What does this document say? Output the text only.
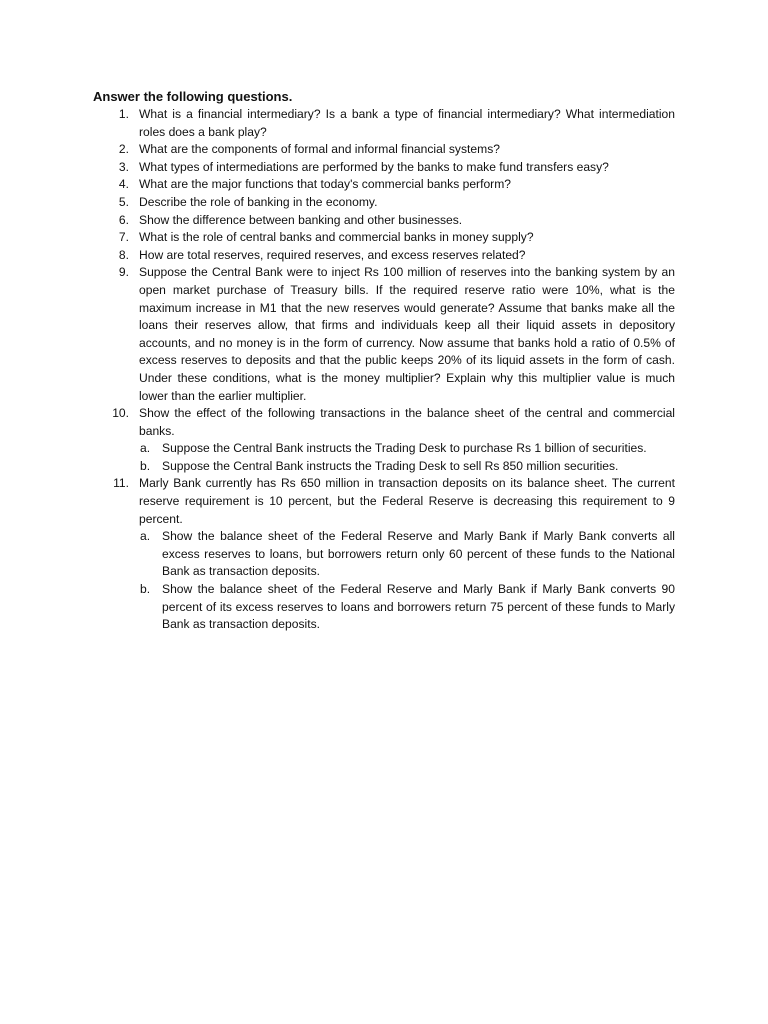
Answer the following questions.

1. What is a financial intermediary? Is a bank a type of financial intermediary? What intermediation roles does a bank play?
2. What are the components of formal and informal financial systems?
3. What types of intermediations are performed by the banks to make fund transfers easy?
4. What are the major functions that today's commercial banks perform?
5. Describe the role of banking in the economy.
6. Show the difference between banking and other businesses.
7. What is the role of central banks and commercial banks in money supply?
8. How are total reserves, required reserves, and excess reserves related?
9. Suppose the Central Bank were to inject Rs 100 million of reserves into the banking system by an open market purchase of Treasury bills. If the required reserve ratio were 10%, what is the maximum increase in M1 that the new reserves would generate? Assume that banks make all the loans their reserves allow, that firms and individuals keep all their liquid assets in depository accounts, and no money is in the form of currency. Now assume that banks hold a ratio of 0.5% of excess reserves to deposits and that the public keeps 20% of its liquid assets in the form of cash. Under these conditions, what is the money multiplier? Explain why this multiplier value is much lower than the earlier multiplier.
10. Show the effect of the following transactions in the balance sheet of the central and commercial banks.
a. Suppose the Central Bank instructs the Trading Desk to purchase Rs 1 billion of securities.
b. Suppose the Central Bank instructs the Trading Desk to sell Rs 850 million securities.
11. Marly Bank currently has Rs 650 million in transaction deposits on its balance sheet. The current reserve requirement is 10 percent, but the Federal Reserve is decreasing this requirement to 9 percent.
a. Show the balance sheet of the Federal Reserve and Marly Bank if Marly Bank converts all excess reserves to loans, but borrowers return only 60 percent of these funds to the National Bank as transaction deposits.
b. Show the balance sheet of the Federal Reserve and Marly Bank if Marly Bank converts 90 percent of its excess reserves to loans and borrowers return 75 percent of these funds to Marly Bank as transaction deposits.
